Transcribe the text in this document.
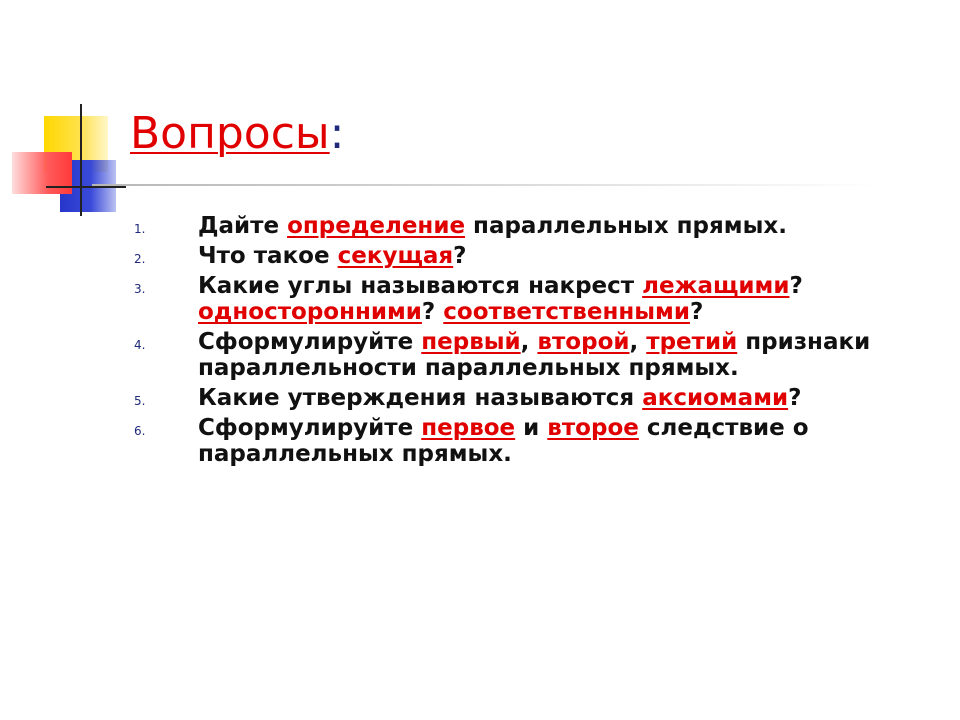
Вопросы:
1. Дайте определение параллельных прямых.
2. Что такое секущая?
3. Какие углы называются накрест лежащими? односторонними? соответственными?
4. Сформулируйте первый, второй, третий признаки параллельности параллельных прямых.
5. Какие утверждения называются аксиомами?
6. Сформулируйте первое и второе следствие о параллельных прямых.
